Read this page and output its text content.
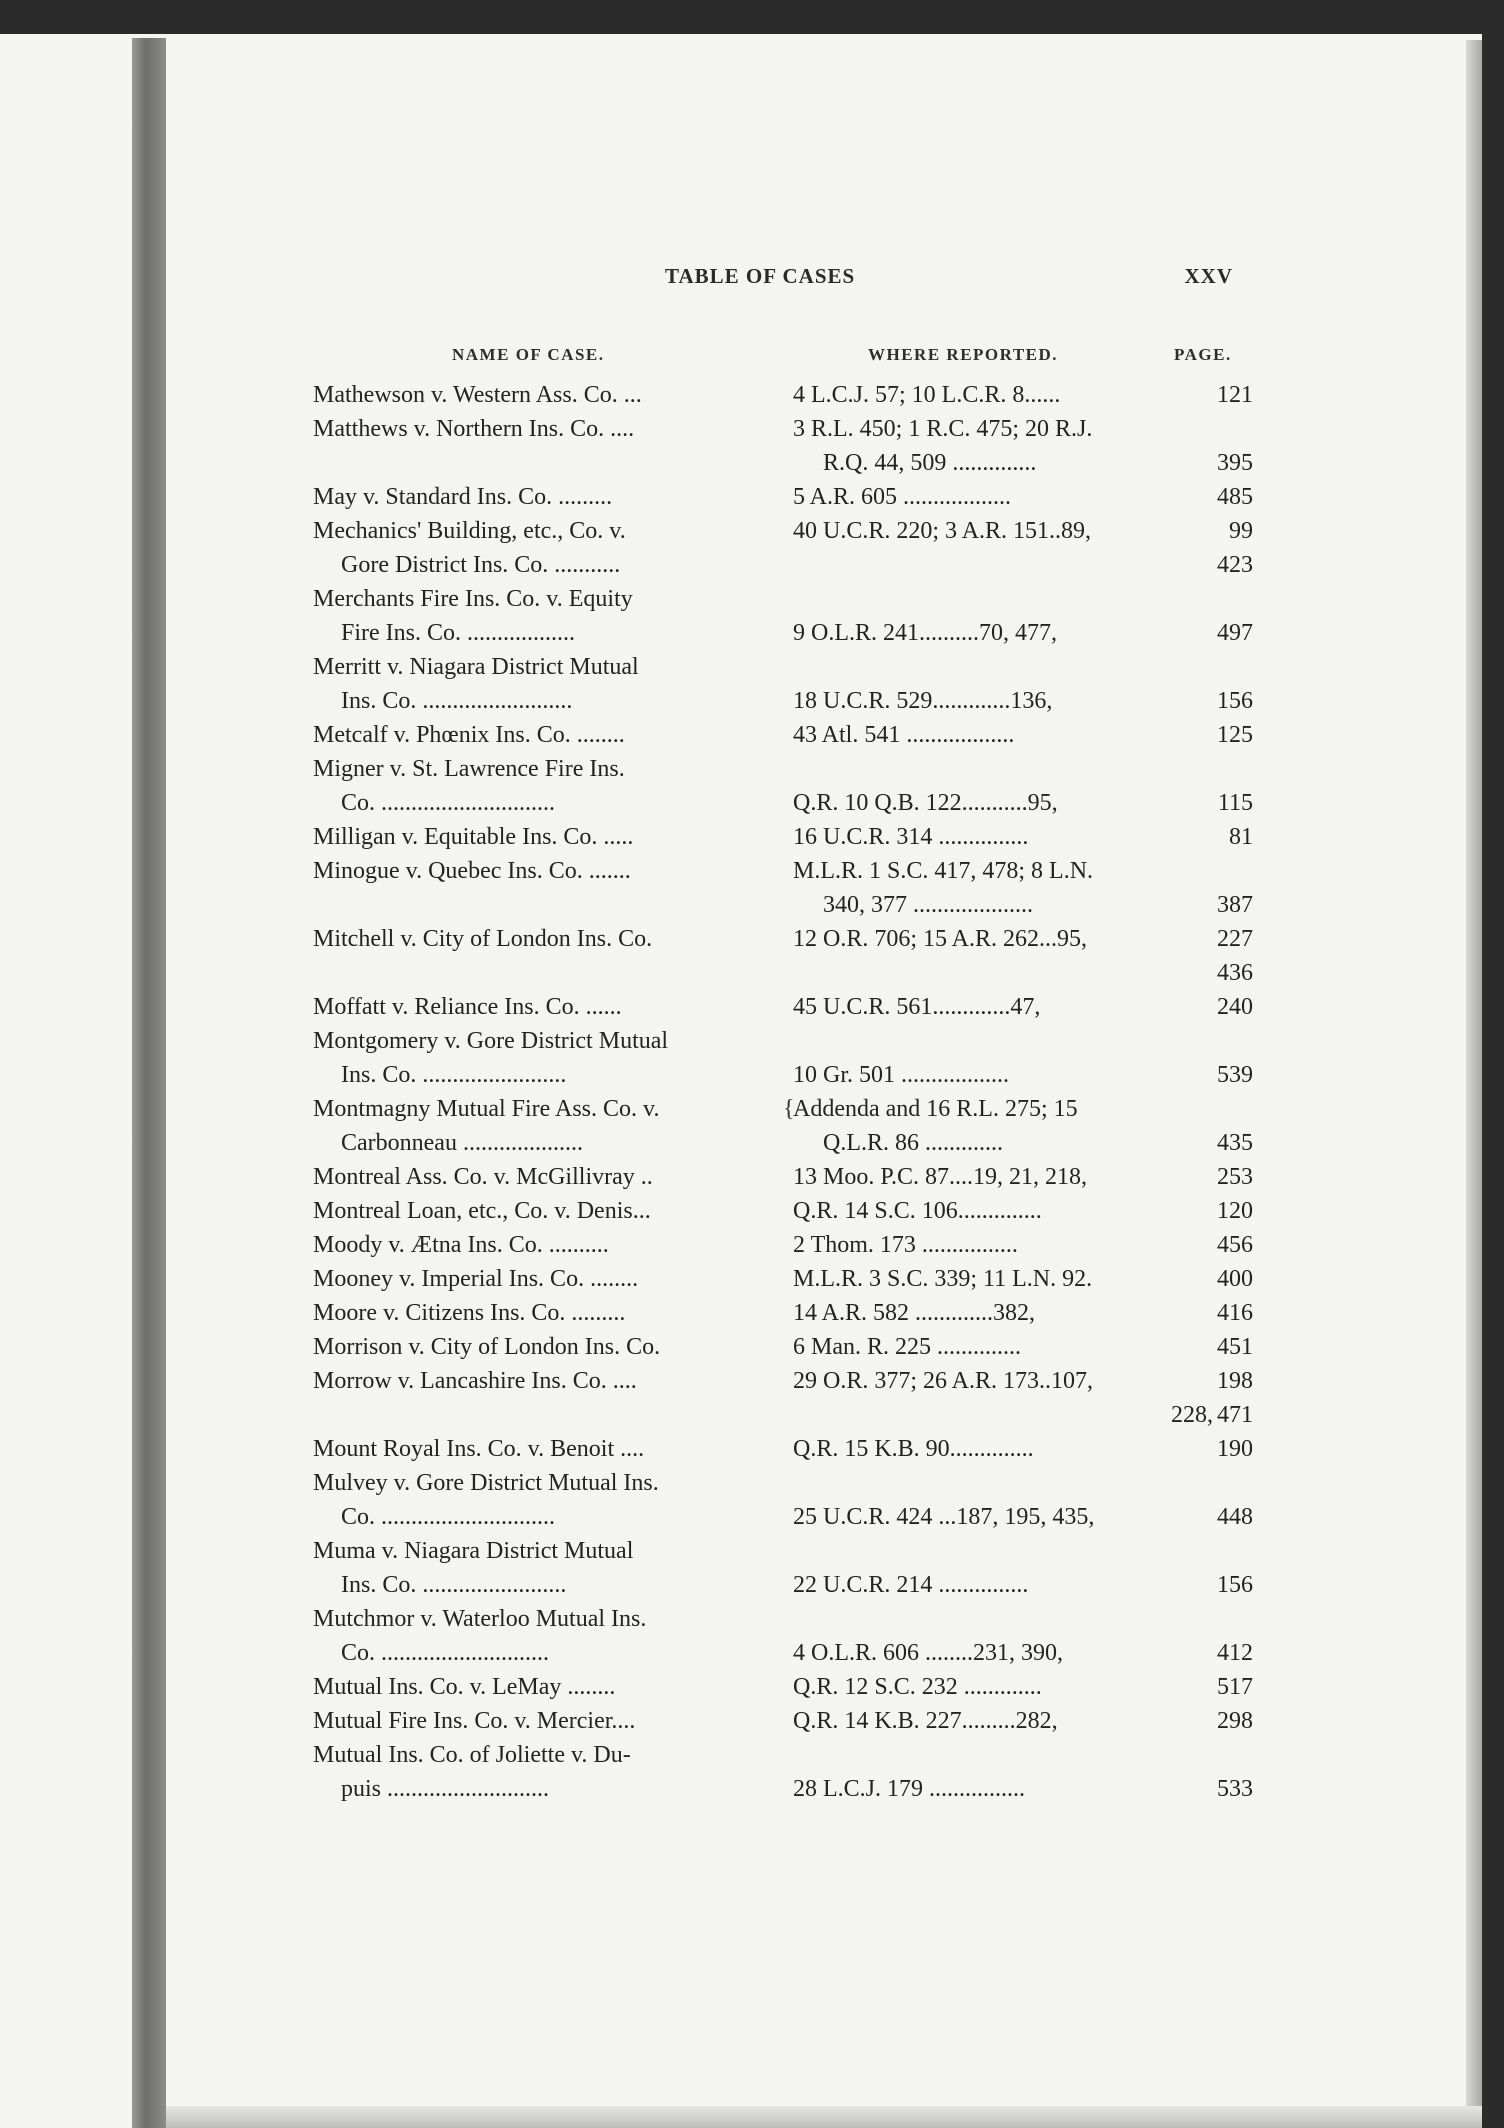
TABLE OF CASES	XXV
NAME OF CASE.	WHERE REPORTED.	PAGE.
Mathewson v. Western Ass. Co. ...	4 L.C.J. 57; 10 L.C.R. 8......	121
Matthews v. Northern Ins. Co. ....	3 R.L. 450; 1 R.C. 475; 20 R.J.
R.Q. 44, 509 ..............	395
May v. Standard Ins. Co. .........	5 A.R. 605 ..................	485
Mechanics' Building, etc., Co. v.	40 U.C.R. 220; 3 A.R. 151..89,	99
Gore District Ins. Co. ...........	423
Merchants Fire Ins. Co. v. Equity
Fire Ins. Co. ..................	9 O.L.R. 241..........70, 477,	497
Merritt v. Niagara District Mutual
Ins. Co. .........................	18 U.C.R. 529.............136,	156
Metcalf v. Phœnix Ins. Co. ........	43 Atl. 541 ..................	125
Migner v. St. Lawrence Fire Ins.
Co. .............................	Q.R. 10 Q.B. 122...........95,	115
Milligan v. Equitable Ins. Co. .....	16 U.C.R. 314 ...............	81
Minogue v. Quebec Ins. Co. .......	M.L.R. 1 S.C. 417, 478; 8 L.N.
340, 377 ....................	387
Mitchell v. City of London Ins. Co.	12 O.R. 706; 15 A.R. 262...95,	227
436
Moffatt v. Reliance Ins. Co. ......	45 U.C.R. 561.............47,	240
Montgomery v. Gore District Mutual
Ins. Co. ........................	10 Gr. 501 ..................	539
Montmagny Mutual Fire Ass. Co. v.	{
Addenda and 16 R.L. 275; 15
Carbonneau ....................	Q.L.R. 86 .............	435
Montreal Ass. Co. v. McGillivray ..	13 Moo. P.C. 87....19, 21, 218,	253
Montreal Loan, etc., Co. v. Denis...	Q.R. 14 S.C. 106..............	120
Moody v. Ætna Ins. Co. ..........	2 Thom. 173 ................	456
Mooney v. Imperial Ins. Co. ........	M.L.R. 3 S.C. 339; 11 L.N. 92.	400
Moore v. Citizens Ins. Co. .........	14 A.R. 582 .............382,	416
Morrison v. City of London Ins. Co.	6 Man. R. 225 ..............	451
Morrow v. Lancashire Ins. Co. ....	29 O.R. 377; 26 A.R. 173..107,	198
228, 471
Mount Royal Ins. Co. v. Benoit ....	Q.R. 15 K.B. 90..............	190
Mulvey v. Gore District Mutual Ins.
Co. .............................	25 U.C.R. 424 ...187, 195, 435,	448
Muma v. Niagara District Mutual
Ins. Co. ........................	22 U.C.R. 214 ...............	156
Mutchmor v. Waterloo Mutual Ins.
Co. ............................	4 O.L.R. 606 ........231, 390,	412
Mutual Ins. Co. v. LeMay ........	Q.R. 12 S.C. 232 .............	517
Mutual Fire Ins. Co. v. Mercier....	Q.R. 14 K.B. 227.........282,	298
Mutual Ins. Co. of Joliette v. Du-
puis ...........................	28 L.C.J. 179 ................	533
